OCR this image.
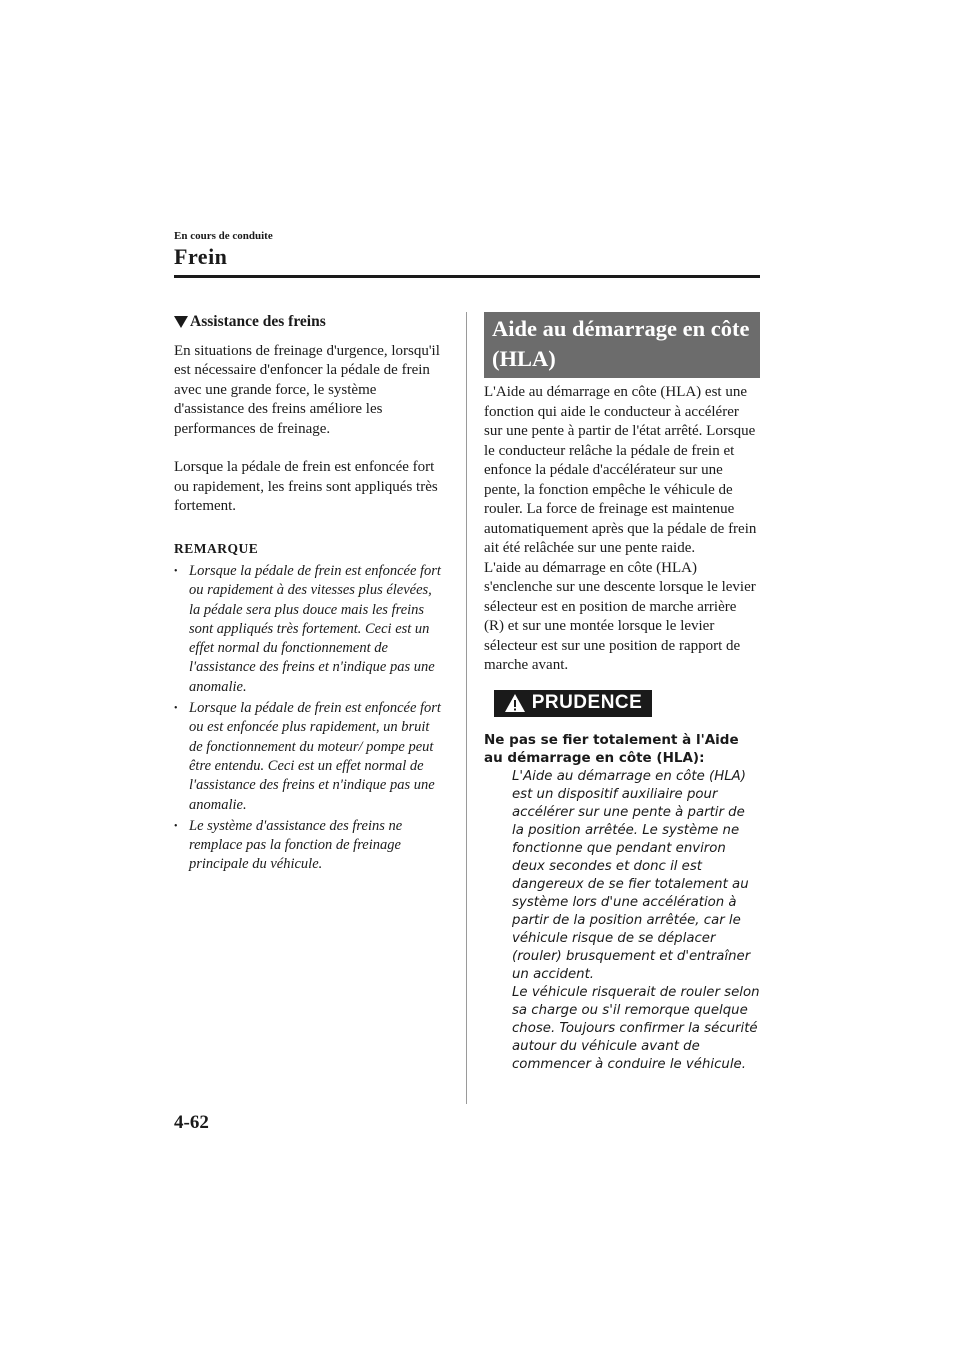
En cours de conduite
Frein
Assistance des freins

En situations de freinage d'urgence, lorsqu'il est nécessaire d'enfoncer la pédale de frein avec une grande force, le système d'assistance des freins améliore les performances de freinage.

Lorsque la pédale de frein est enfoncée fort ou rapidement, les freins sont appliqués très fortement.

REMARQUE
• Lorsque la pédale de frein est enfoncée fort ou rapidement à des vitesses plus élevées, la pédale sera plus douce mais les freins sont appliqués très fortement. Ceci est un effet normal du fonctionnement de l'assistance des freins et n'indique pas une anomalie.
• Lorsque la pédale de frein est enfoncée fort ou est enfoncée plus rapidement, un bruit de fonctionnement du moteur/ pompe peut être entendu. Ceci est un effet normal de l'assistance des freins et n'indique pas une anomalie.
• Le système d'assistance des freins ne remplace pas la fonction de freinage principale du véhicule.
Aide au démarrage en côte (HLA)

L'Aide au démarrage en côte (HLA) est une fonction qui aide le conducteur à accélérer sur une pente à partir de l'état arrêté. Lorsque le conducteur relâche la pédale de frein et enfonce la pédale d'accélérateur sur une pente, la fonction empêche le véhicule de rouler. La force de freinage est maintenue automatiquement après que la pédale de frein ait été relâchée sur une pente raide.

L'aide au démarrage en côte (HLA) s'enclenche sur une descente lorsque le levier sélecteur est en position de marche arrière (R) et sur une montée lorsque le levier sélecteur est sur une position de rapport de marche avant.

PRUDENCE
Ne pas se fier totalement à l'Aide au démarrage en côte (HLA):

L'Aide au démarrage en côte (HLA) est un dispositif auxiliaire pour accélérer sur une pente à partir de la position arrêtée. Le système ne fonctionne que pendant environ deux secondes et donc il est dangereux de se fier totalement au système lors d'une accélération à partir de la position arrêtée, car le véhicule risque de se déplacer (rouler) brusquement et d'entraîner un accident.

Le véhicule risquerait de rouler selon sa charge ou s'il remorque quelque chose. Toujours confirmer la sécurité autour du véhicule avant de commencer à conduire le véhicule.

4-62
